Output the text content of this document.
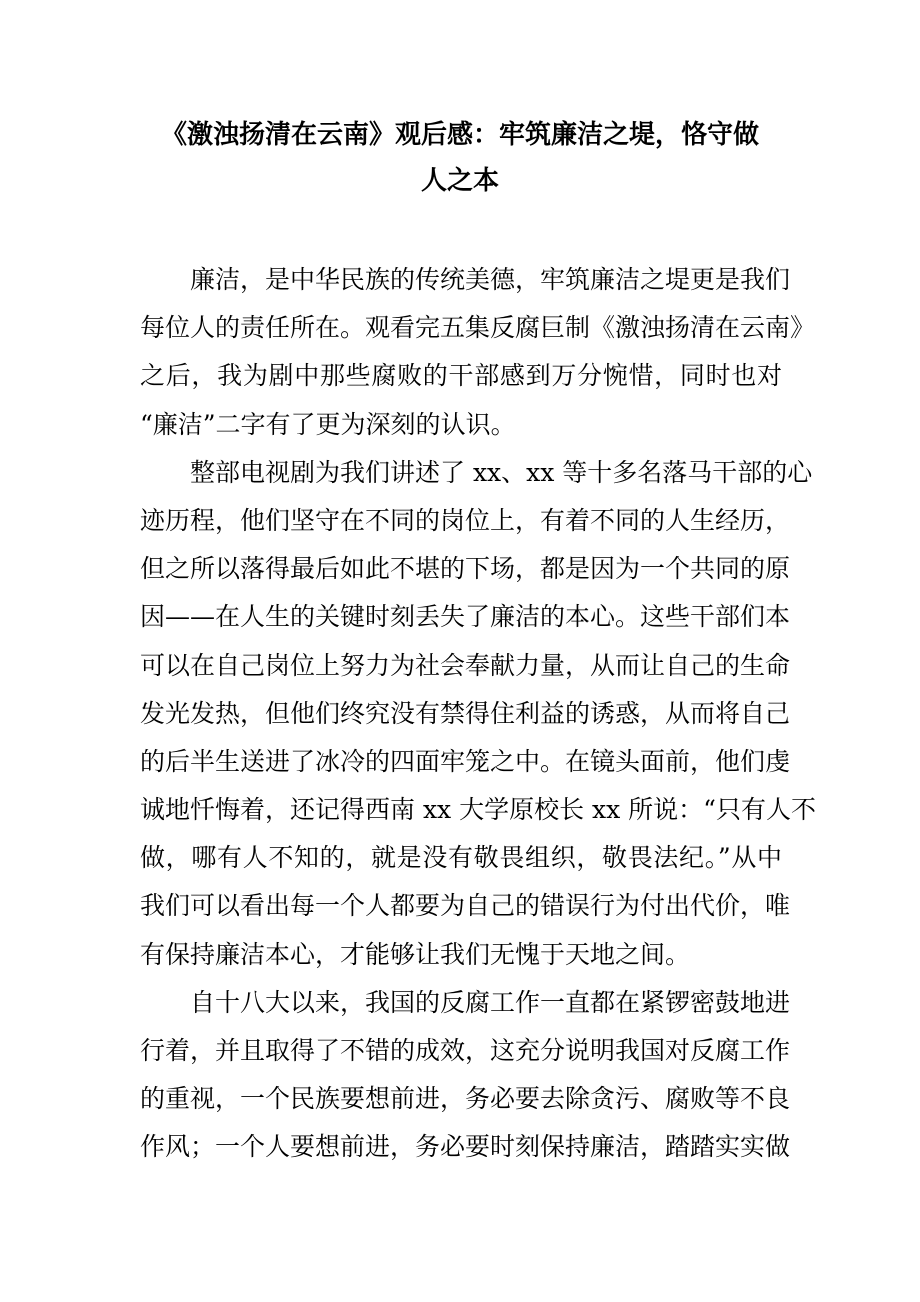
《激浊扬清在云南》观后感：牢筑廉洁之堤，恪守做
人之本
廉洁，是中华民族的传统美德，牢筑廉洁之堤更是我们
每位人的责任所在。观看完五集反腐巨制《激浊扬清在云南》
之后，我为剧中那些腐败的干部感到万分惋惜，同时也对
“廉洁”二字有了更为深刻的认识。
整部电视剧为我们讲述了 xx、xx 等十多名落马干部的心
迹历程，他们坚守在不同的岗位上，有着不同的人生经历，
但之所以落得最后如此不堪的下场，都是因为一个共同的原
因——在人生的关键时刻丢失了廉洁的本心。这些干部们本
可以在自己岗位上努力为社会奉献力量，从而让自己的生命
发光发热，但他们终究没有禁得住利益的诱惑，从而将自己
的后半生送进了冰冷的四面牢笼之中。在镜头面前，他们虔
诚地忏悔着，还记得西南 xx 大学原校长 xx 所说：“只有人不
做，哪有人不知的，就是没有敬畏组织，敬畏法纪。”从中
我们可以看出每一个人都要为自己的错误行为付出代价，唯
有保持廉洁本心，才能够让我们无愧于天地之间。
自十八大以来，我国的反腐工作一直都在紧锣密鼓地进
行着，并且取得了不错的成效，这充分说明我国对反腐工作
的重视，一个民族要想前进，务必要去除贪污、腐败等不良
作风；一个人要想前进，务必要时刻保持廉洁，踏踏实实做
